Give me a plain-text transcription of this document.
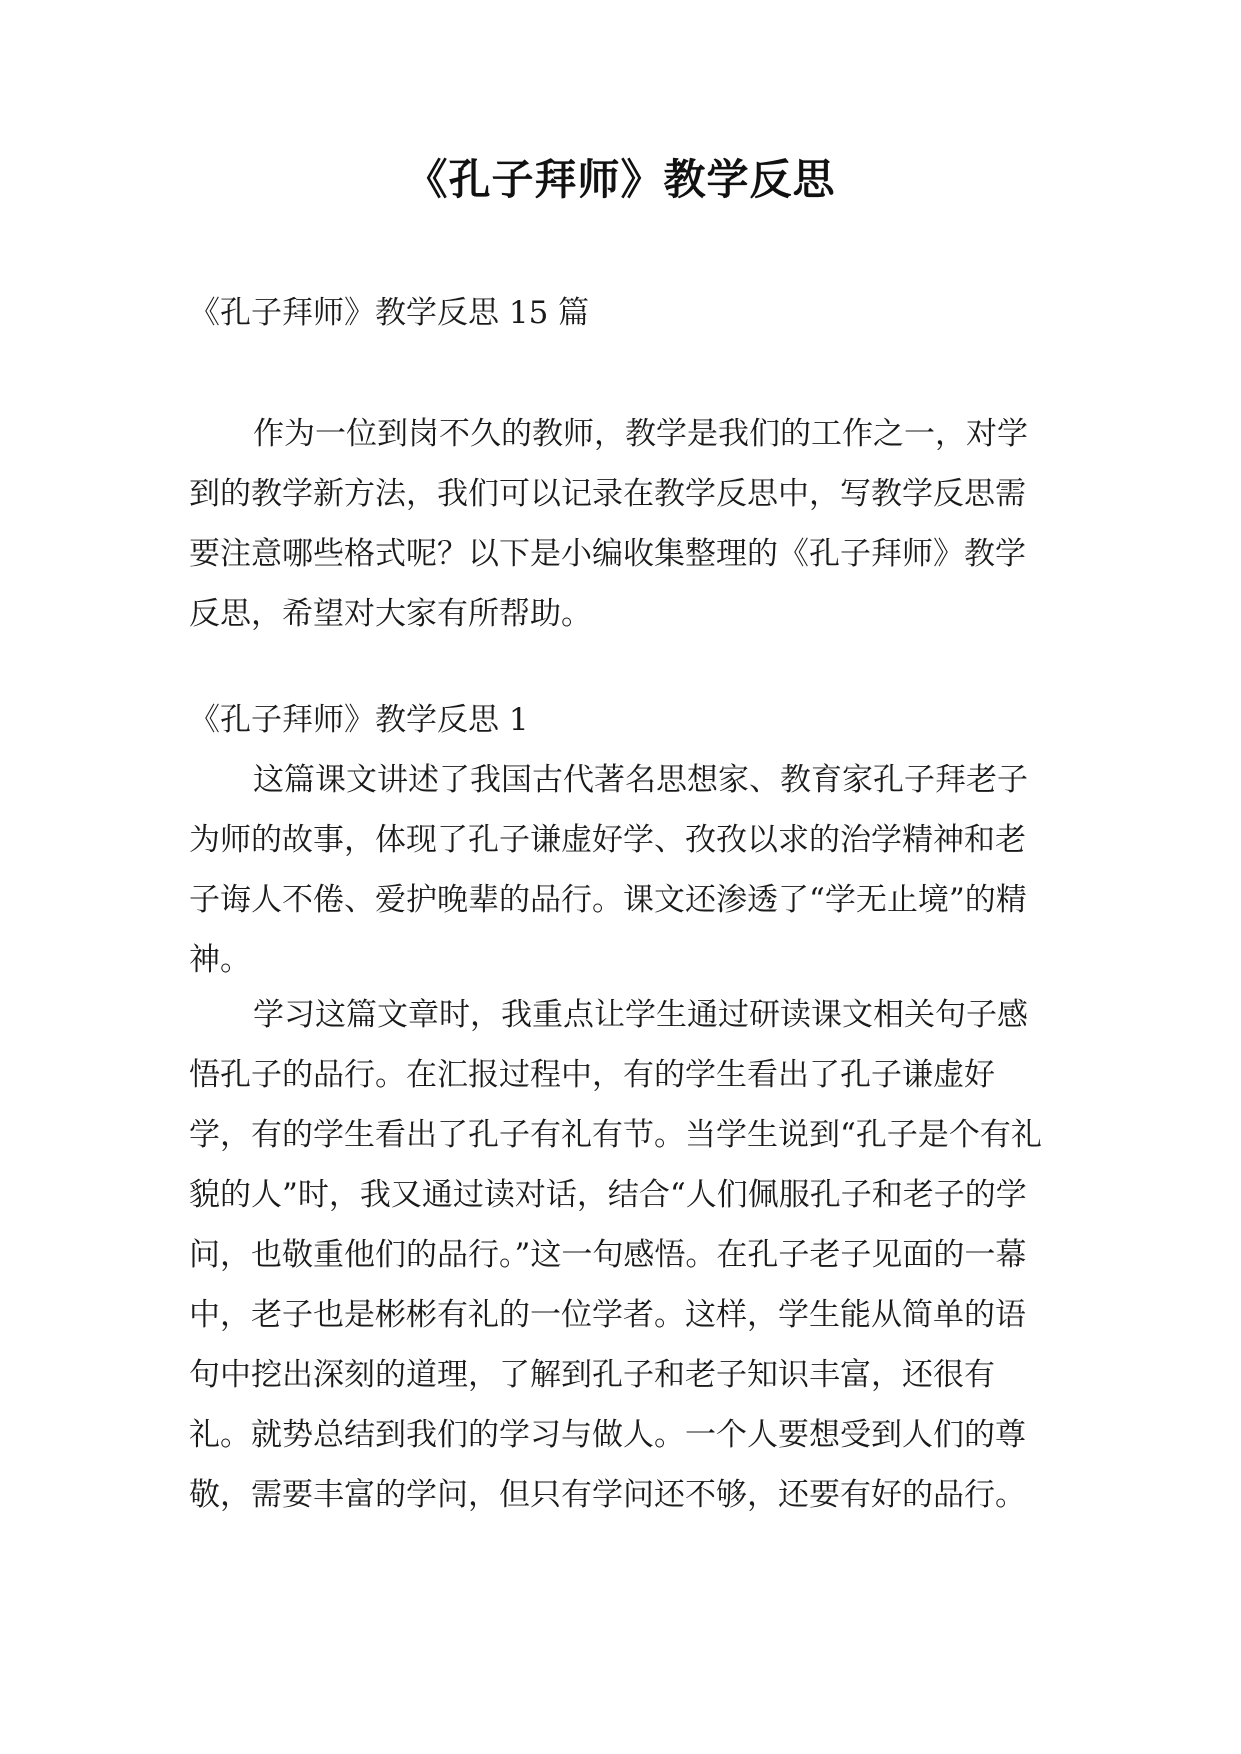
《孔子拜师》教学反思

《孔子拜师》教学反思 15 篇

作为一位到岗不久的教师，教学是我们的工作之一，对学到的教学新方法，我们可以记录在教学反思中，写教学反思需要注意哪些格式呢？以下是小编收集整理的《孔子拜师》教学反思，希望对大家有所帮助。

《孔子拜师》教学反思 1

这篇课文讲述了我国古代著名思想家、教育家孔子拜老子为师的故事，体现了孔子谦虚好学、孜孜以求的治学精神和老子诲人不倦、爱护晚辈的品行。课文还渗透了“学无止境”的精神。

学习这篇文章时，我重点让学生通过研读课文相关句子感悟孔子的品行。在汇报过程中，有的学生看出了孔子谦虚好学，有的学生看出了孔子有礼有节。当学生说到“孔子是个有礼貌的人”时，我又通过读对话，结合“人们佩服孔子和老子的学问，也敬重他们的品行。”这一句感悟。在孔子老子见面的一幕中，老子也是彬彬有礼的一位学者。这样，学生能从简单的语句中挖出深刻的道理，了解到孔子和老子知识丰富，还很有礼。就势总结到我们的学习与做人。一个人要想受到人们的尊敬，需要丰富的学问，但只有学问还不够，还要有好的品行。
